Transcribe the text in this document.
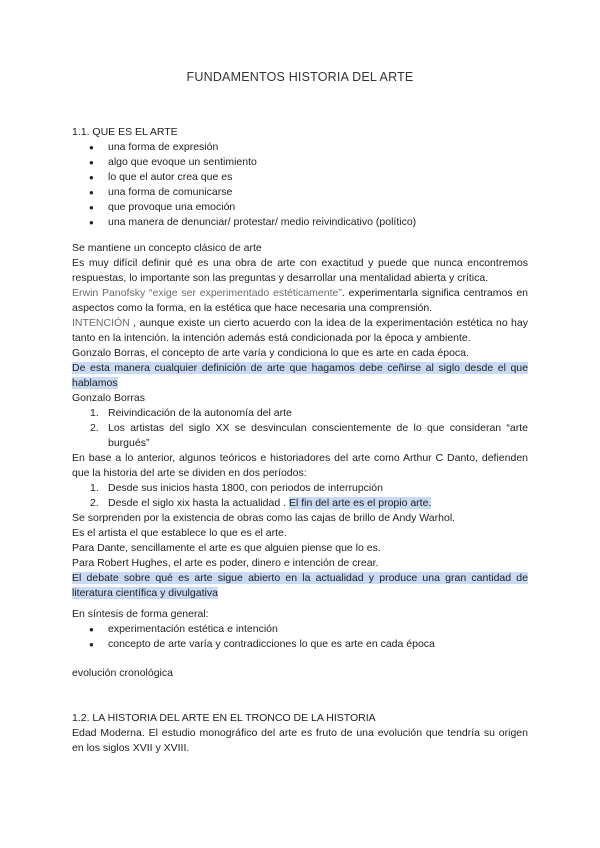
FUNDAMENTOS HISTORIA DEL ARTE
1.1. QUE ES EL ARTE
● una forma de expresión
● algo que evoque un sentimiento
● lo que el autor crea que es
● una forma de comunicarse
● que provoque una emoción
● una manera de denunciar/ protestar/ medio reivindicativo (político)
Se mantiene un concepto clásico de arte
Es muy difícil definir qué es una obra de arte con exactitud y puede que nunca encontremos respuestas, lo importante son las preguntas y desarrollar una mentalidad abierta y crítica.
Erwin Panofsky “exige ser experimentado estéticamente”. experimentarla significa centramos en aspectos como la forma, en la estética que hace necesaria una comprensión.
INTENCIÓN , aunque existe un cierto acuerdo con la idea de la experimentación estética no hay tanto en la intención. la intención además está condicionada por la época y ambiente.
Gonzalo Borras, el concepto de arte varía y condiciona lo que es arte en cada época.
De esta manera cualquier definición de arte que hagamos debe ceñirse al siglo desde el que hablamos
Gonzalo Borras
1. Reivindicación de la autonomía del arte
2. Los artistas del siglo XX se desvinculan conscientemente de lo que consideran “arte burgués”
En base a lo anterior, algunos teóricos e historiadores del arte como Arthur C Danto, defienden que la historia del arte se dividen en dos períodos:
1. Desde sus inicios hasta 1800, con periodos de interrupción
2. Desde el siglo xix hasta la actualidad . El fin del arte es el propio arte.
Se sorprenden por la existencia de obras como las cajas de brillo de Andy Warhol.
Es el artista el que establece lo que es el arte.
Para Dante, sencillamente el arte es que alguien piense que lo es.
Para Robert Hughes, el arte es poder, dinero e intención de crear.
El debate sobre qué es arte sigue abierto en la actualidad y produce una gran cantidad de literatura científica y divulgativa
En síntesis de forma general:
● experimentación estética e intención
● concepto de arte varía y contradicciones lo que es arte en cada época
evolución cronológica
1.2. LA HISTORIA DEL ARTE EN EL TRONCO DE LA HISTORIA
Edad Moderna. El estudio monográfico del arte es fruto de una evolución que tendría su origen en los siglos XVII y XVIII.
